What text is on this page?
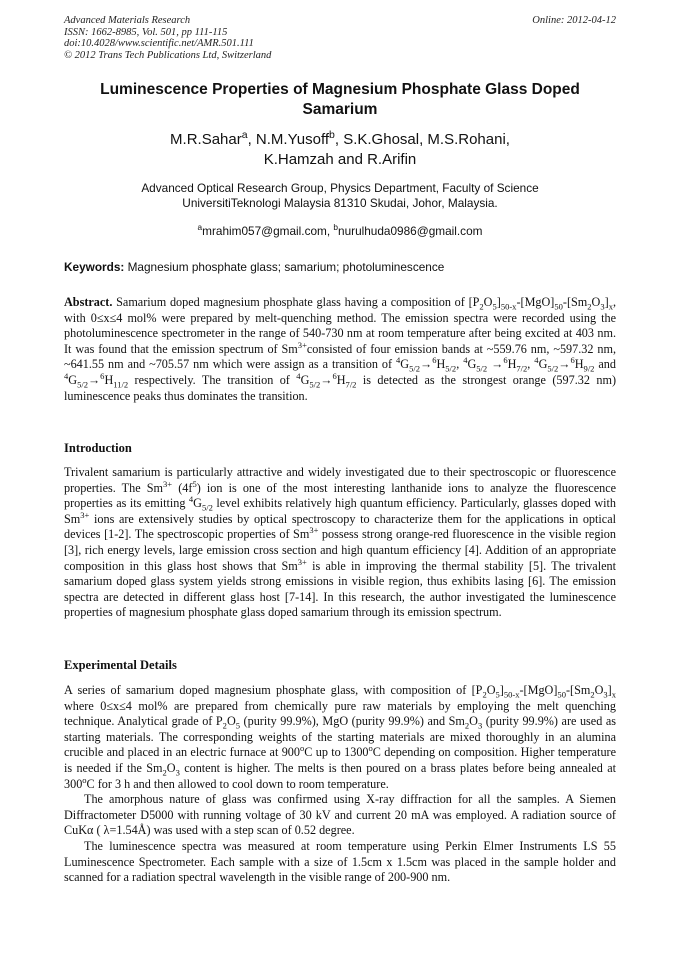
Advanced Materials Research
ISSN: 1662-8985, Vol. 501, pp 111-115
doi:10.4028/www.scientific.net/AMR.501.111
© 2012 Trans Tech Publications Ltd, Switzerland
Online: 2012-04-12
Luminescence Properties of Magnesium Phosphate Glass Doped Samarium
M.R.Sahar$^a$, N.M.Yusoff$^b$, S.K.Ghosal, M.S.Rohani,
K.Hamzah and R.Arifin
Advanced Optical Research Group, Physics Department, Faculty of Science
UniversitiTeknologi Malaysia 81310 Skudai, Johor, Malaysia.
$^a$mrahim057@gmail.com, $^b$nurulhuda0986@gmail.com
Keywords: Magnesium phosphate glass; samarium; photoluminescence
Abstract. Samarium doped magnesium phosphate glass having a composition of $[P_2O_5]_{50-x}-[MgO]_{50}-[Sm_2O_3]_x$, with 0≤x≤4 mol% were prepared by melt-quenching method. The emission spectra were recorded using the photoluminescence spectrometer in the range of 540-730 nm at room temperature after being excited at 403 nm. It was found that the emission spectrum of $Sm^{3+}consisted$ of four emission bands at ~559.76 nm, ~597.32 nm, ~641.55 nm and ~705.57 nm which were assign as a transition of $^4G_{5/2}\to^6H_{5/2}$, $^4G_{5/2} \to^6H_{7/2}$, $^4G_{5/2}\to^6H_{9/2}$ and $^4G_{5/2}\to^6H_{11/2}$ respectively. The transition of $^4G_{5/2}\to^6H_{7/2}$ is detected as the strongest orange (597.32 nm) luminescence peaks thus dominates the transition.
Introduction
Trivalent samarium is particularly attractive and widely investigated due to their spectroscopic or fluorescence properties. The $Sm^{3+}$ $(4f^5)$ ion is one of the most interesting lanthanide ions to analyze the fluorescence properties as its emitting $^4G_{5/2}$ level exhibits relatively high quantum efficiency. Particularly, glasses doped with $Sm^{3+}$ ions are extensively studies by optical spectroscopy to characterize them for the applications in optical devices [1-2]. The spectroscopic properties of $Sm^{3+}$ possess strong orange-red fluorescence in the visible region [3], rich energy levels, large emission cross section and high quantum efficiency [4]. Addition of an appropriate composition in this glass host shows that $Sm^{3+}$ is able in improving the thermal stability [5]. The trivalent samarium doped glass system yields strong emissions in visible region, thus exhibits lasing [6]. The emission spectra are detected in different glass host [7-14]. In this research, the author investigated the luminescence properties of magnesium phosphate glass doped samarium through its emission spectrum.
Experimental Details

A series of samarium doped magnesium phosphate glass, with composition of $[P_2O_5]_{50-x}-[MgO]_{50}-[Sm_2O_3]_x$ where 0≤x≤4 mol% are prepared from chemically pure raw materials by employing the melt quenching technique. Analytical grade of $P_2O_5$ (purity 99.9%), MgO (purity 99.9%) and $Sm_2O_3$ (purity 99.9%) are used as starting materials. The corresponding weights of the starting materials are mixed thoroughly in an alumina crucible and placed in an electric furnace at 900$^o$C up to 1300$^o$C depending on composition. Higher temperature is needed if the $Sm_2O_3$ content is higher. The melts is then poured on a brass plates before being annealed at 300$^o$C for 3 h and then allowed to cool down to room temperature.

The amorphous nature of glass was confirmed using X-ray diffraction for all the samples. A Siemen Diffractometer D5000 with running voltage of 30 kV and current 20 mA was employed. A radiation source of CuKα ( λ=1.54Å) was used with a step scan of 0.52 degree.

The luminescence spectra was measured at room temperature using Perkin Elmer Instruments LS 55 Luminescence Spectrometer. Each sample with a size of 1.5cm x 1.5cm was placed in the sample holder and scanned for a radiation spectral wavelength in the visible range of 200-900 nm.
